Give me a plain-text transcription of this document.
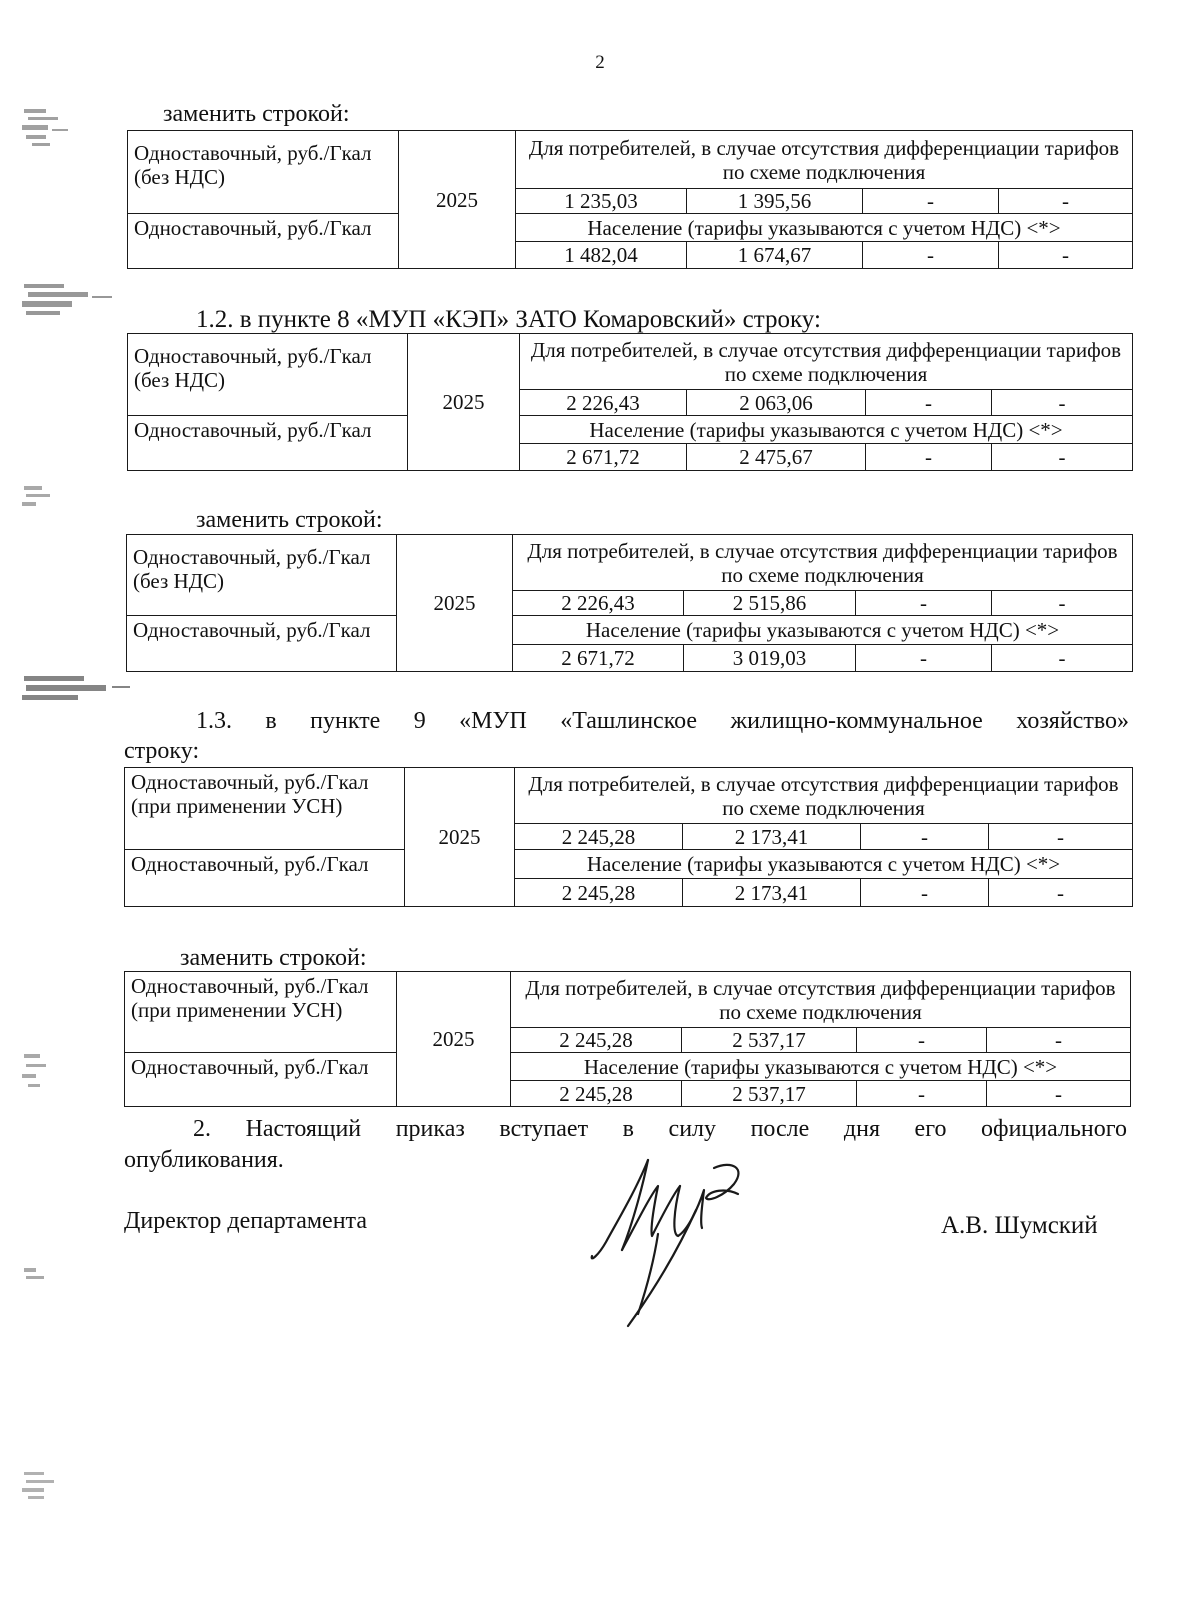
2
заменить строкой:
Одноставочный, руб./Гкал (без НДС)	2025	Для потребителей, в случае отсутствия дифференциации тарифов по схеме подключения			
		1 235,03	1 395,56	-	-
Одноставочный, руб./Гкал		Население (тарифы указываются с учетом НДС) <*>			
		1 482,04	1 674,67	-	-
1.2. в пункте 8 «МУП «КЭП» ЗАТО Комаровский» строку:
Одноставочный, руб./Гкал (без НДС)	2025	Для потребителей, в случае отсутствия дифференциации тарифов по схеме подключения			
		2 226,43	2 063,06	-	-
Одноставочный, руб./Гкал		Население (тарифы указываются с учетом НДС) <*>			
		2 671,72	2 475,67	-	-
заменить строкой:
Одноставочный, руб./Гкал (без НДС)	2025	Для потребителей, в случае отсутствия дифференциации тарифов по схеме подключения			
		2 226,43	2 515,86	-	-
Одноставочный, руб./Гкал		Население (тарифы указываются с учетом НДС) <*>			
		2 671,72	3 019,03	-	-
1.3. в пункте 9 «МУП «Ташлинское жилищно-коммунальное хозяйство»
строку:
Одноставочный, руб./Гкал (при применении УСН)	2025	Для потребителей, в случае отсутствия дифференциации тарифов по схеме подключения			
		2 245,28	2 173,41	-	-
Одноставочный, руб./Гкал		Население (тарифы указываются с учетом НДС) <*>			
		2 245,28	2 173,41	-	-
заменить строкой:
Одноставочный, руб./Гкал (при применении УСН)	2025	Для потребителей, в случае отсутствия дифференциации тарифов по схеме подключения			
		2 245,28	2 537,17	-	-
Одноставочный, руб./Гкал		Население (тарифы указываются с учетом НДС) <*>			
		2 245,28	2 537,17	-	-
2. Настоящий приказ вступает в силу после дня его официального
опубликования.
Директор департамента	А.В. Шумский
